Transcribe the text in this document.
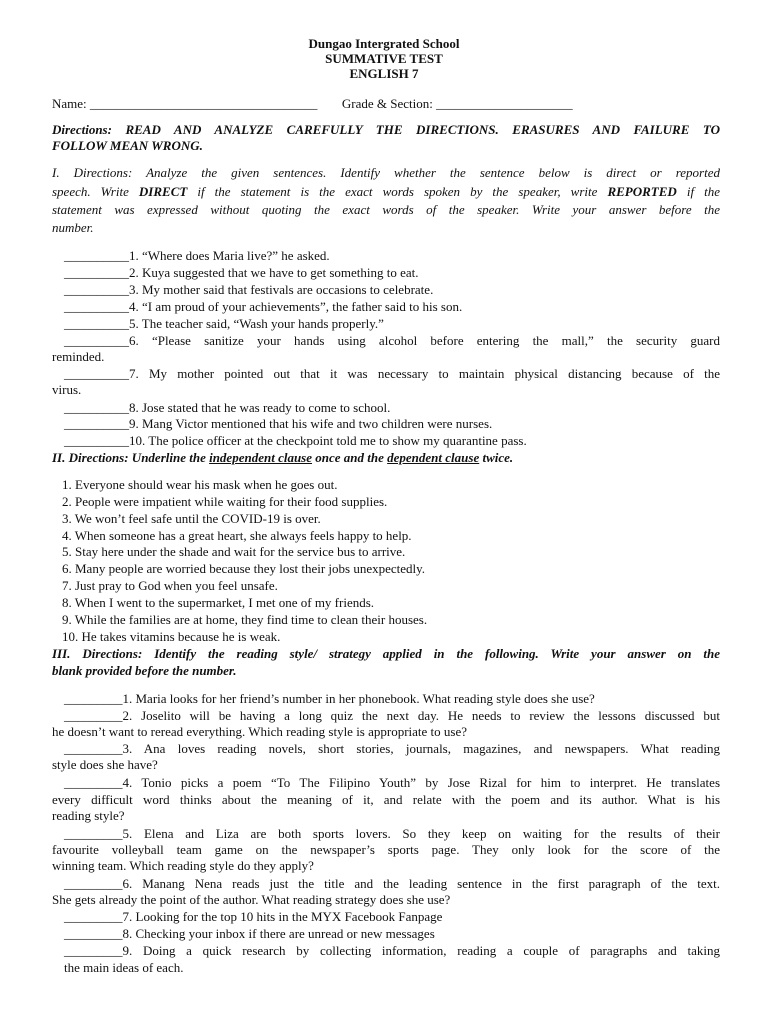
Dungao Intergrated School
SUMMATIVE TEST
ENGLISH 7
Name: ___________________________________ Grade & Section: _____________________
Directions: READ AND ANALYZE CAREFULLY THE DIRECTIONS. ERASURES AND FAILURE TO
FOLLOW MEAN WRONG.
I. Directions: Analyze the given sentences. Identify whether the sentence below is direct or reported
speech. Write DIRECT if the statement is the exact words spoken by the speaker, write REPORTED if the
statement was expressed without quoting the exact words of the speaker. Write your answer before the
number.
__________1. “Where does Maria live?” he asked.
__________2. Kuya suggested that we have to get something to eat.
__________3. My mother said that festivals are occasions to celebrate.
__________4. “I am proud of your achievements”, the father said to his son.
__________5. The teacher said, “Wash your hands properly.”
__________6. “Please sanitize your hands using alcohol before entering the mall,” the security guard
reminded.
__________7. My mother pointed out that it was necessary to maintain physical distancing because of the
virus.
__________8. Jose stated that he was ready to come to school.
__________9. Mang Victor mentioned that his wife and two children were nurses.
__________10. The police officer at the checkpoint told me to show my quarantine pass.
II. Directions: Underline the independent clause once and the dependent clause twice.
1. Everyone should wear his mask when he goes out.
2. People were impatient while waiting for their food supplies.
3. We won’t feel safe until the COVID-19 is over.
4. When someone has a great heart, she always feels happy to help.
5. Stay here under the shade and wait for the service bus to arrive.
6. Many people are worried because they lost their jobs unexpectedly.
7. Just pray to God when you feel unsafe.
8. When I went to the supermarket, I met one of my friends.
9. While the families are at home, they find time to clean their houses.
10. He takes vitamins because he is weak.
III. Directions: Identify the reading style/ strategy applied in the following. Write your answer on the
blank provided before the number.
_________1. Maria looks for her friend’s number in her phonebook. What reading style does she use?
_________2. Joselito will be having a long quiz the next day. He needs to review the lessons discussed but
he doesn’t want to reread everything. Which reading style is appropriate to use?
_________3. Ana loves reading novels, short stories, journals, magazines, and newspapers. What reading
style does she have?
_________4. Tonio picks a poem “To The Filipino Youth” by Jose Rizal for him to interpret. He translates
every difficult word thinks about the meaning of it, and relate with the poem and its author. What is his
reading style?
_________5. Elena and Liza are both sports lovers. So they keep on waiting for the results of their
favourite volleyball team game on the newspaper’s sports page. They only look for the score of the
winning team. Which reading style do they apply?
_________6. Manang Nena reads just the title and the leading sentence in the first paragraph of the text.
She gets already the point of the author. What reading strategy does she use?
_________7. Looking for the top 10 hits in the MYX Facebook Fanpage
_________8. Checking your inbox if there are unread or new messages
_________9. Doing a quick research by collecting information, reading a couple of paragraphs and taking
the main ideas of each.
